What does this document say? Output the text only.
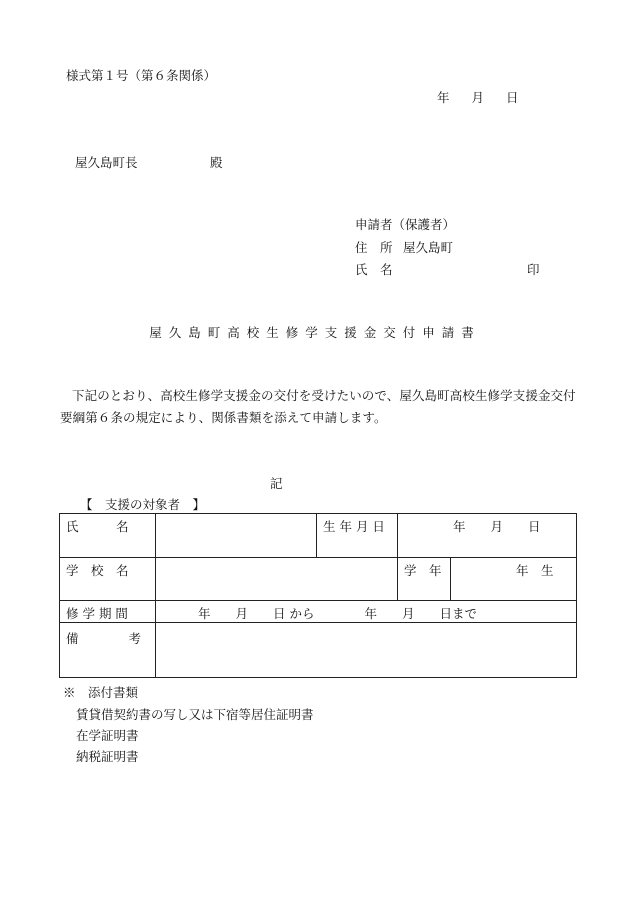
様式第１号（第６条関係）
年 月 日
屋久島町長	殿
申請者（保護者）
住　所 屋久島町
氏　名	印
屋久島町高校生修学支援金交付申請書
下記のとおり、高校生修学支援金の交付を受けたいので、屋久島町高校生修学支援金交付要綱第６条の規定により、関係書類を添えて申請します。
記
【　支援の対象者　】
氏　　　名		生 年 月 日	年　　月　　日	

学　校　名			学　年	年　生

修 学 期 間	年　　月　　日 から　　　　年　　月　　日まで			

備　　　　考				

※　添付書類
賃貸借契約書の写し又は下宿等居住証明書
在学証明書
納税証明書
